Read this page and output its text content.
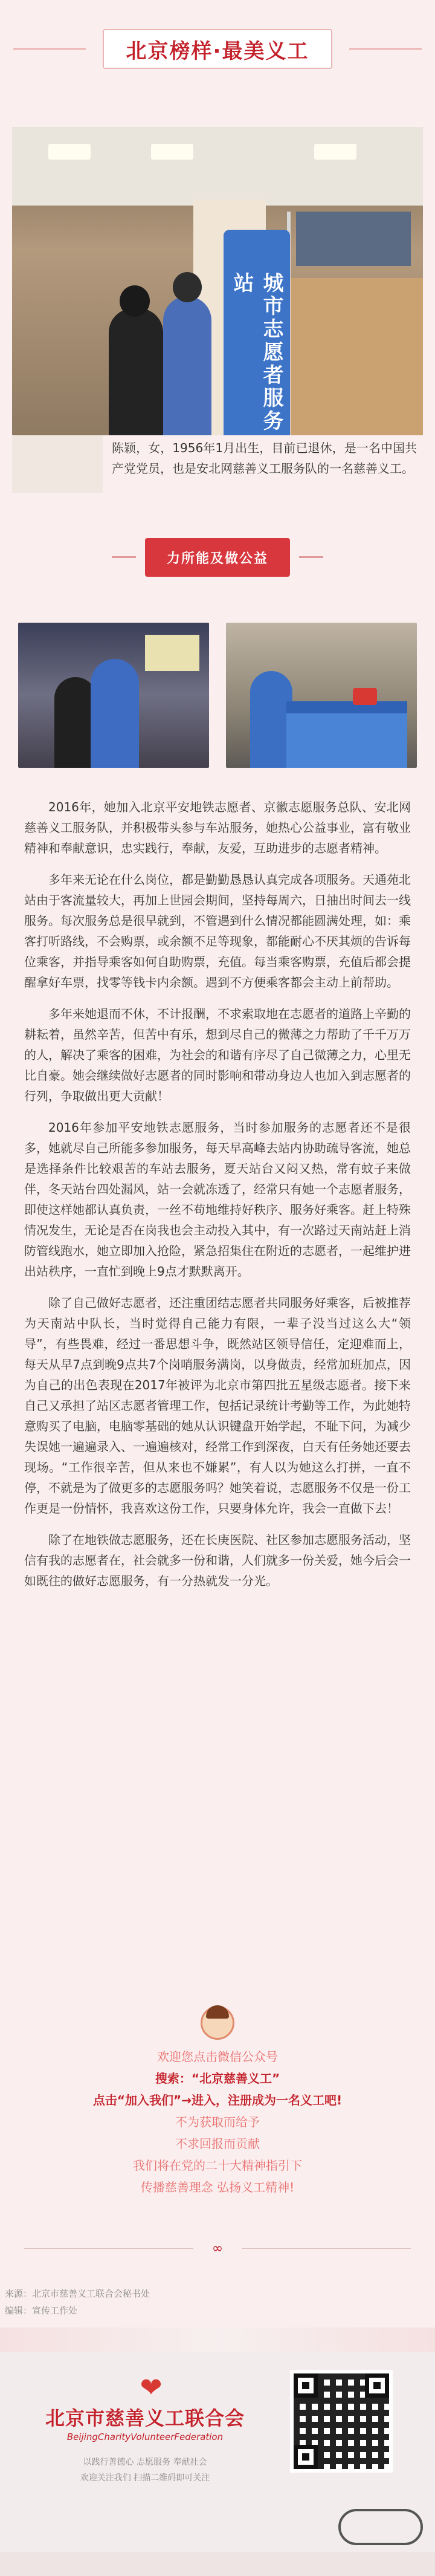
北京榜样·最美义工
城市志愿者服务站
陈颖，女，1956年1月出生，目前已退休，是一名中国共产党党员，也是安北网慈善义工服务队的一名慈善义工。
力所能及做公益

2016年，她加入北京平安地铁志愿者、京徽志愿服务总队、安北网慈善义工服务队，并积极带头参与车站服务，她热心公益事业，富有敬业精神和奉献意识，忠实践行，奉献，友爱，互助进步的志愿者精神。

多年来无论在什么岗位，都是勤勤恳恳认真完成各项服务。天通苑北站由于客流量较大，再加上世园会期间，坚持每周六，日抽出时间去一线服务。每次服务总是很早就到，不管遇到什么情况都能圆满处理，如：乘客打听路线，不会购票，或余额不足等现象，都能耐心不厌其烦的告诉每位乘客，并指导乘客如何自助购票，充值。每当乘客购票，充值后都会提醒拿好车票，找零等钱卡内余额。遇到不方便乘客都会主动上前帮助。

多年来她退而不休，不计报酬，不求索取地在志愿者的道路上辛勤的耕耘着，虽然辛苦，但苦中有乐，想到尽自己的微薄之力帮助了千千万万的人，解决了乘客的困难，为社会的和谐有序尽了自己微薄之力，心里无比自豪。她会继续做好志愿者的同时影响和带动身边人也加入到志愿者的行列，争取做出更大贡献！

2016年参加平安地铁志愿服务，当时参加服务的志愿者还不是很多，她就尽自己所能多参加服务，每天早高峰去站内协助疏导客流，她总是选择条件比较艰苦的车站去服务，夏天站台又闷又热，常有蚊子来做伴，冬天站台四处漏风，站一会就冻透了，经常只有她一个志愿者服务，即使这样她都认真负责，一丝不苟地维持好秩序、服务好乘客。赶上特殊情况发生，无论是否在岗我也会主动投入其中，有一次路过天南站赶上消防管线跑水，她立即加入抢险，紧急招集住在附近的志愿者，一起维护进出站秩序，一直忙到晚上9点才默默离开。

除了自己做好志愿者，还注重团结志愿者共同服务好乘客，后被推荐为天南站中队长，当时觉得自己能力有限，一辈子没当过这么大“领导”，有些畏难，经过一番思想斗争，既然站区领导信任，定迎难而上，每天从早7点到晚9点共7个岗哨服务满岗，以身做责，经常加班加点，因为自己的出色表现在2017年被评为北京市第四批五星级志愿者。接下来自己又承担了站区志愿者管理工作，包括记录统计考勤等工作，为此她特意购买了电脑，电脑零基础的她从认识键盘开始学起，不耻下问，为减少失误她一遍遍录入、一遍遍核对，经常工作到深夜，白天有任务她还要去现场。“工作很辛苦，但从来也不嫌累”，有人以为她这么打拼，一直不停，不就是为了做更多的志愿服务吗？她笑着说，志愿服务不仅是一份工作更是一份情怀，我喜欢这份工作，只要身体允许，我会一直做下去！

除了在地铁做志愿服务，还在长庚医院、社区参加志愿服务活动，坚信有我的志愿者在，社会就多一份和谐，人们就多一份关爱，她今后会一如既往的做好志愿服务，有一分热就发一分光。

欢迎您点击微信公众号

搜索：“北京慈善义工”

点击“加入我们”→进入，注册成为一名义工吧!

不为获取而给予

不求回报而贡献

我们将在党的二十大精神指引下

传播慈善理念 弘扬义工精神!

∞

来源：北京市慈善义工联合会秘书处

编辑：宣传工作处

❤
北京市慈善义工联合会
BeijingCharityVolunteerFederation

以践行善德心 志愿服务 奉献社会

欢迎关注我们 扫描二维码即可关注
